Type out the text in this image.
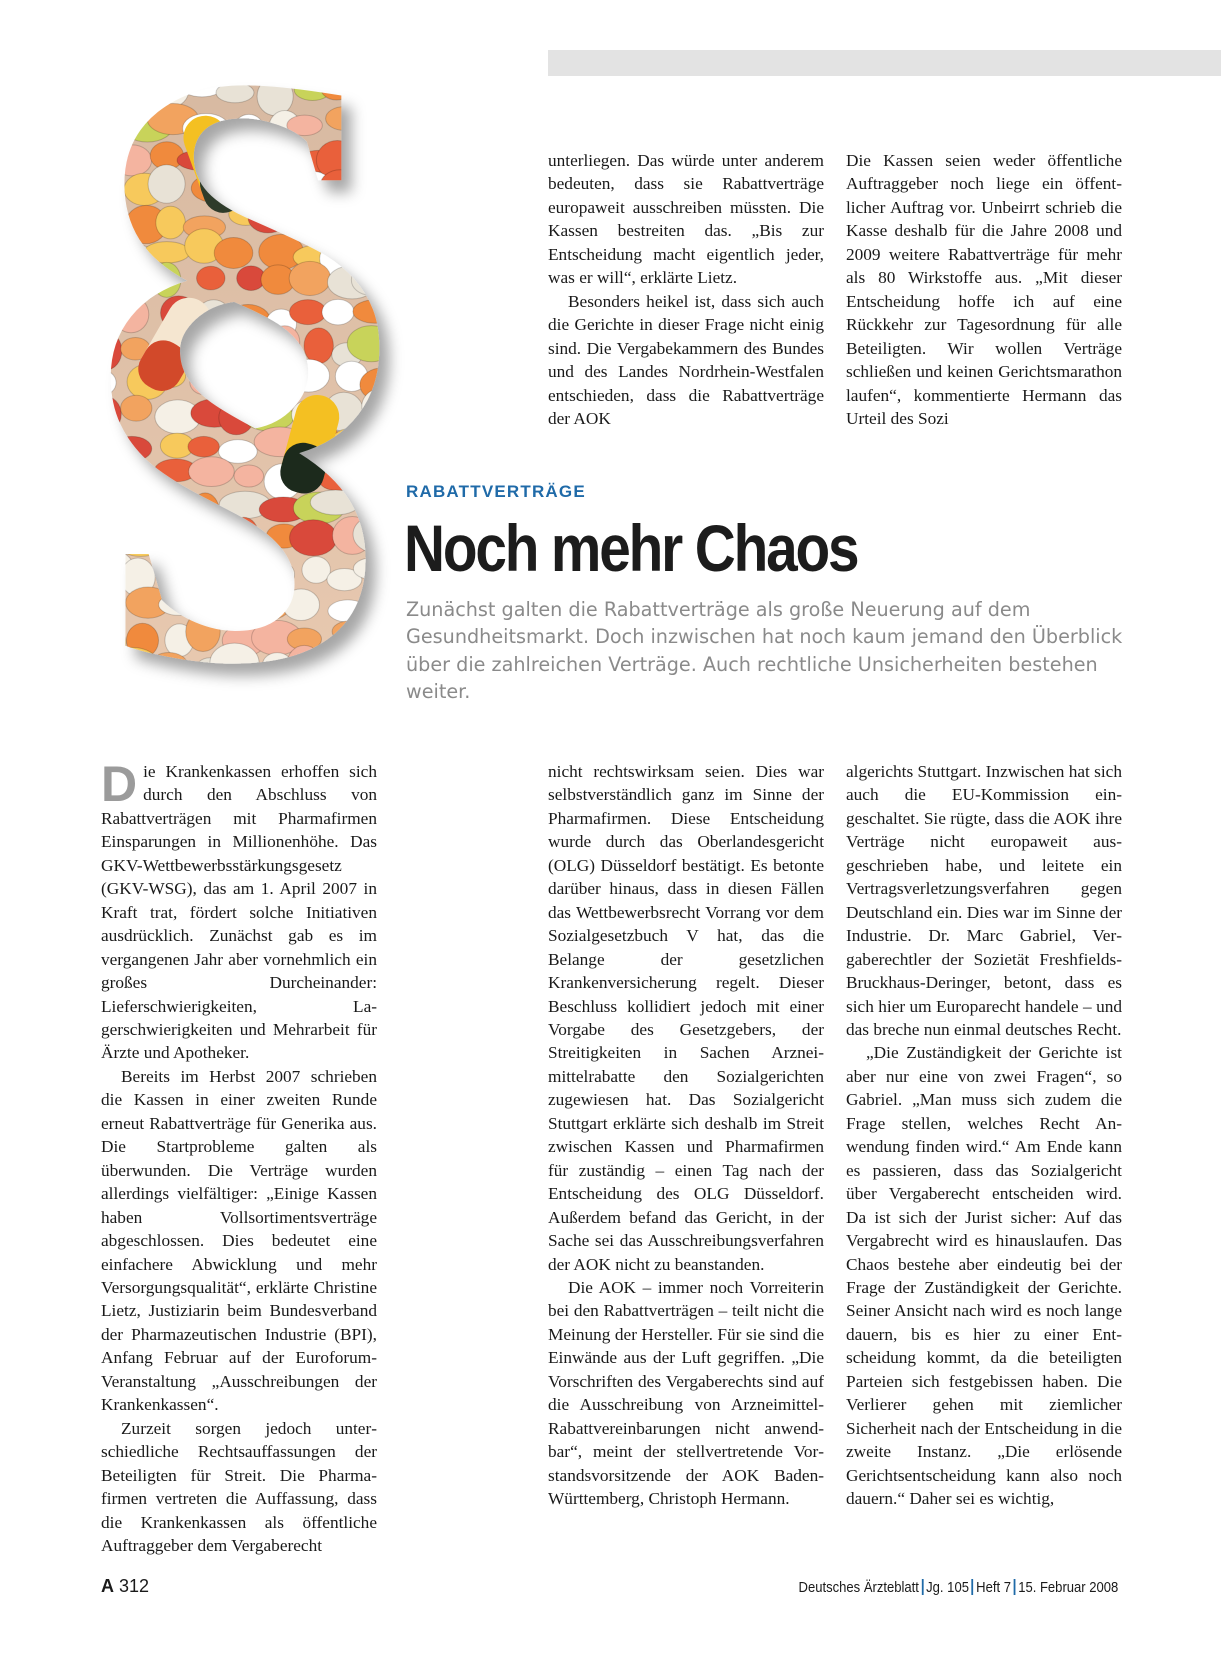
unterliegen. Das würde unter anderem bedeuten, dass sie Rabattverträge europaweit ausschreiben müssten. Die Kassen bestreiten das. „Bis zur Entscheidung macht eigentlich jeder, was er will“, erklärte Lietz.

Besonders heikel ist, dass sich auch die Gerichte in dieser Frage nicht einig sind. Die Vergabekammern des Bundes und des Landes Nordrhein-Westfalen entschieden, dass die Rabattverträge der AOK

Die Kassen seien weder öffentliche Auftraggeber noch liege ein öffentlicher Auftrag vor. Unbeirrt schrieb die Kasse deshalb für die Jahre 2008 und 2009 weitere Rabattverträge für mehr als 80 Wirkstoffe aus. „Mit dieser Entscheidung hoffe ich auf eine Rückkehr zur Tagesordnung für alle Beteiligten. Wir wollen Verträge schließen und keinen Gerichtsmarathon laufen“, kommentierte Hermann das Urteil des Sozi

RABATTVERTRÄGE
Noch mehr Chaos
Zunächst galten die Rabattverträge als große Neuerung auf dem Gesundheitsmarkt. Doch inzwischen hat noch kaum jemand den Überblick über die zahlreichen Verträge. Auch rechtliche Unsicherheiten bestehen weiter.

Die Krankenkassen erhoffen sich durch den Abschluss von Rabattverträgen mit Pharmafirmen Einsparungen in Millionenhöhe. Das GKV-Wettbewerbsstärkungsgesetz (GKV-WSG), das am 1. April 2007 in Kraft trat, fördert solche Initiativen ausdrücklich. Zunächst gab es im vergangenen Jahr aber vornehmlich ein großes Durcheinander: Lieferschwierigkeiten, Lagerschwierigkeiten und Mehrarbeit für Ärzte und Apotheker.

Bereits im Herbst 2007 schrieben die Kassen in einer zweiten Runde erneut Rabattverträge für Generika aus. Die Startprobleme galten als überwunden. Die Verträge wurden allerdings vielfältiger: „Einige Kassen haben Vollsortimentsverträge abgeschlossen. Dies bedeutet eine einfachere Abwicklung und mehr Versorgungsqualität“, erklärte Christine Lietz, Justiziarin beim Bundesverband der Pharmazeutischen Industrie (BPI), Anfang Februar auf der Euroforum-Veranstaltung „Ausschreibungen der Krankenkassen“.

Zurzeit sorgen jedoch unterschiedliche Rechtsauffassungen der Beteiligten für Streit. Die Pharmafirmen vertreten die Auffassung, dass die Krankenkassen als öffentliche Auftraggeber dem Vergaberecht

nicht rechtswirksam seien. Dies war selbstverständlich ganz im Sinne der Pharmafirmen. Diese Entscheidung wurde durch das Oberlandesgericht (OLG) Düsseldorf bestätigt. Es betonte darüber hinaus, dass in diesen Fällen das Wettbewerbsrecht Vorrang vor dem Sozialgesetzbuch V hat, das die Belange der gesetzlichen Krankenversicherung regelt. Dieser Beschluss kollidiert jedoch mit einer Vorgabe des Gesetzgebers, der Streitigkeiten in Sachen Arzneimittelrabatte den Sozialgerichten zugewiesen hat. Das Sozialgericht Stuttgart erklärte sich deshalb im Streit zwischen Kassen und Pharmafirmen für zuständig – einen Tag nach der Entscheidung des OLG Düsseldorf. Außerdem befand das Gericht, in der Sache sei das Ausschreibungsverfahren der AOK nicht zu beanstanden.

Die AOK – immer noch Vorreiterin bei den Rabattverträgen – teilt nicht die Meinung der Hersteller. Für sie sind die Einwände aus der Luft gegriffen. „Die Vorschriften des Vergaberechts sind auf die Ausschreibung von Arzneimittel-Rabattvereinbarungen nicht anwendbar“, meint der stellvertretende Vorstandsvorsitzende der AOK Baden-Württemberg, Christoph Hermann.

algerichts Stuttgart. Inzwischen hat sich auch die EU-Kommission eingeschaltet. Sie rügte, dass die AOK ihre Verträge nicht europaweit ausgeschrieben habe, und leitete ein Vertragsverletzungsverfahren gegen Deutschland ein. Dies war im Sinne der Industrie. Dr. Marc Gabriel, Vergaberechtler der Sozietät Freshfields-Bruckhaus-Deringer, betont, dass es sich hier um Europarecht handele – und das breche nun einmal deutsches Recht.

„Die Zuständigkeit der Gerichte ist aber nur eine von zwei Fragen“, so Gabriel. „Man muss sich zudem die Frage stellen, welches Recht Anwendung finden wird.“ Am Ende kann es passieren, dass das Sozialgericht über Vergaberecht entscheiden wird. Da ist sich der Jurist sicher: Auf das Vergabrecht wird es hinauslaufen. Das Chaos bestehe aber eindeutig bei der Frage der Zuständigkeit der Gerichte. Seiner Ansicht nach wird es noch lange dauern, bis es hier zu einer Entscheidung kommt, da die beteiligten Parteien sich festgebissen haben. Die Verlierer gehen mit ziemlicher Sicherheit nach der Entscheidung in die zweite Instanz. „Die erlösende Gerichtsentscheidung kann also noch dauern.“ Daher sei es wichtig,

A 312	Deutsches Ärzteblatt Jg. 105 Heft 7 15. Februar 2008
